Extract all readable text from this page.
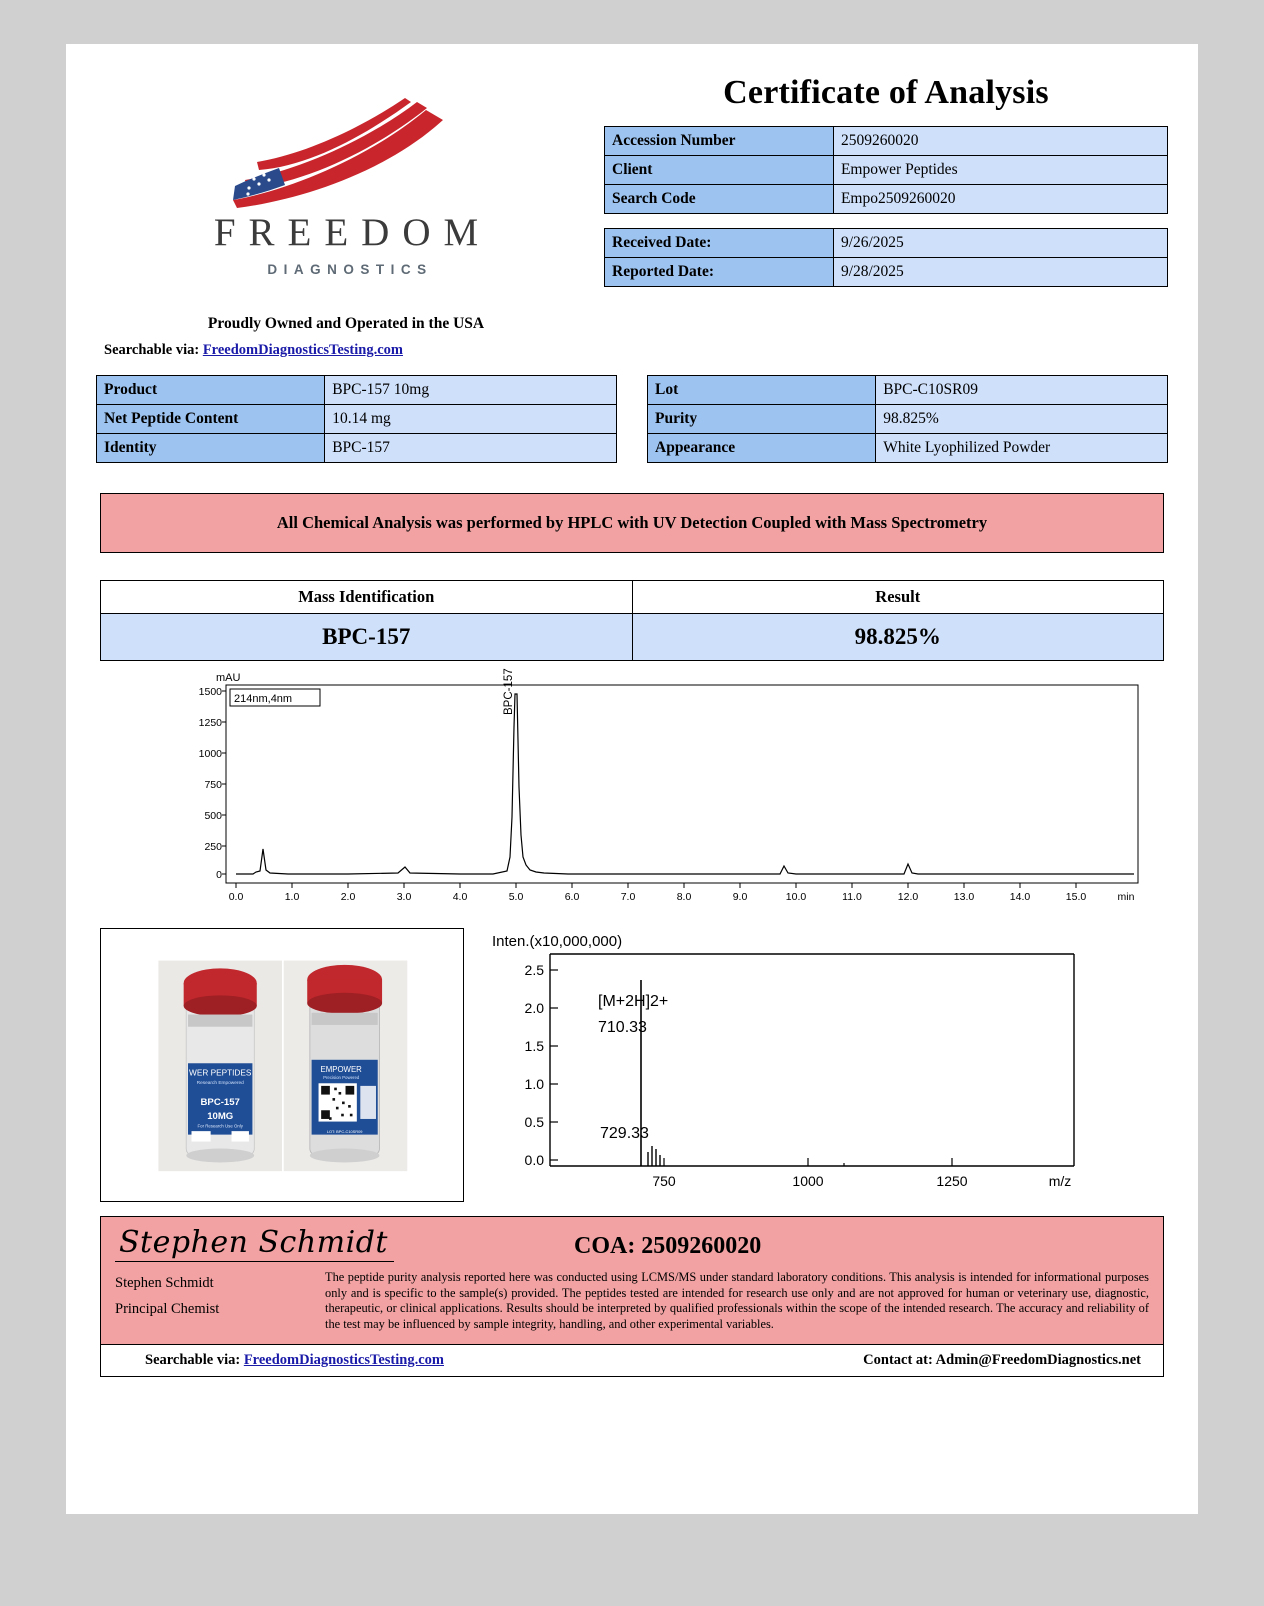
FREEDOM
DIAGNOSTICS
Proudly Owned and Operated in the USA
Searchable via: FreedomDiagnosticsTesting.com
Certificate of Analysis
Accession Number	2509260020
Client	Empower Peptides
Search Code	Empo2509260020
Received Date:	9/26/2025
Reported Date:	9/28/2025
Product	BPC-157 10mg
Net Peptide Content	10.14 mg
Identity	BPC-157
Lot	BPC-C10SR09
Purity	98.825%
Appearance	White Lyophilized Powder
All Chemical Analysis was performed by HPLC with UV Detection Coupled with Mass Spectrometry
Mass Identification	Result
BPC-157	98.825%
mAU
214nm,4nm
1500
1250
1000
750
500
250
0
0.0	1.0	2.0	3.0	4.0	5.0	6.0	7.0	8.0	9.0	10.0	11.0	12.0	13.0	14.0	15.0	min
BPC-157
WER PEPTIDES
Research Empowered
BPC-157
10MG
For Research Use Only
EMPOWER
Precision Powered
LOT: BPC-C10SR09
Inten.(x10,000,000)
2.5
2.0
1.5
1.0
0.5
0.0
750	1000	1250	m/z
[M+2H]2+
710.33
729.33
Stephen Schmidt	COA: 2509260020
Stephen Schmidt
Principal Chemist
The peptide purity analysis reported here was conducted using LCMS/MS under standard laboratory conditions. This analysis is intended for informational purposes only and is specific to the sample(s) provided. The peptides tested are intended for research use only and are not approved for human or veterinary use, diagnostic, therapeutic, or clinical applications. Results should be interpreted by qualified professionals within the scope of the intended research. The accuracy and reliability of the test may be influenced by sample integrity, handling, and other experimental variables.
Searchable via: FreedomDiagnosticsTesting.com	Contact at: Admin@FreedomDiagnostics.net
